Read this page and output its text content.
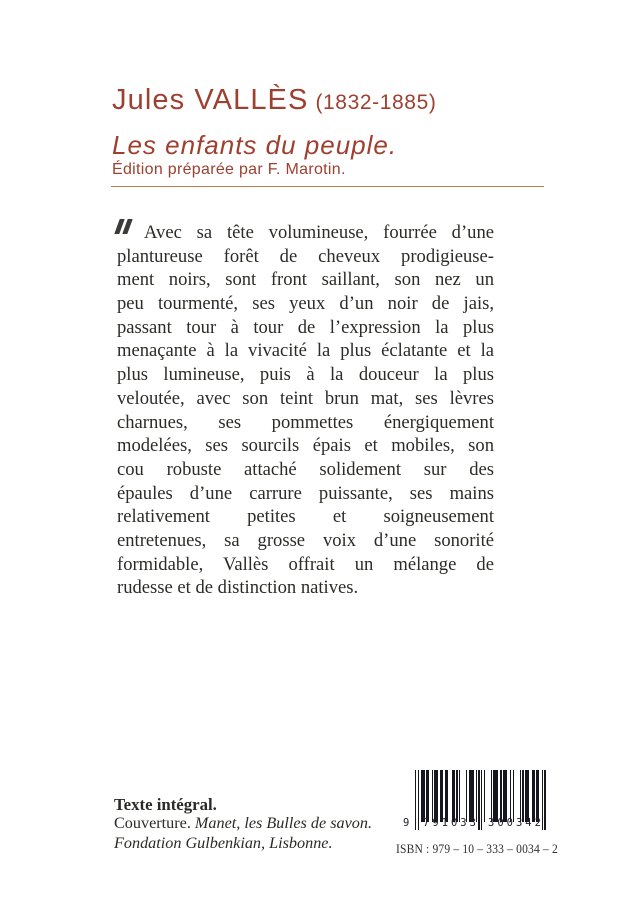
Jules VALLÈS (1832-1885)
Les enfants du peuple.
Édition préparée par F. Marotin.
Avec sa tête volumineuse, fourrée d’une
plantureuse forêt de cheveux prodigieuse-
ment noirs, sont front saillant, son nez un
peu tourmenté, ses yeux d’un noir de jais,
passant tour à tour de l’expression la plus
menaçante à la vivacité la plus éclatante et la
plus lumineuse, puis à la douceur la plus
veloutée, avec son teint brun mat, ses lèvres
charnues, ses pommettes énergiquement
modelées, ses sourcils épais et mobiles, son
cou robuste attaché solidement sur des
épaules d’une carrure puissante, ses mains
relativement petites et soigneusement
entretenues, sa grosse voix d’une sonorité
formidable, Vallès offrait un mélange de
rudesse et de distinction natives.
Texte intégral.
Couverture. Manet, les Bulles de savon.
Fondation Gulbenkian, Lisbonne.
9 791033 300342
ISBN : 979 – 10 – 333 – 0034 – 2
